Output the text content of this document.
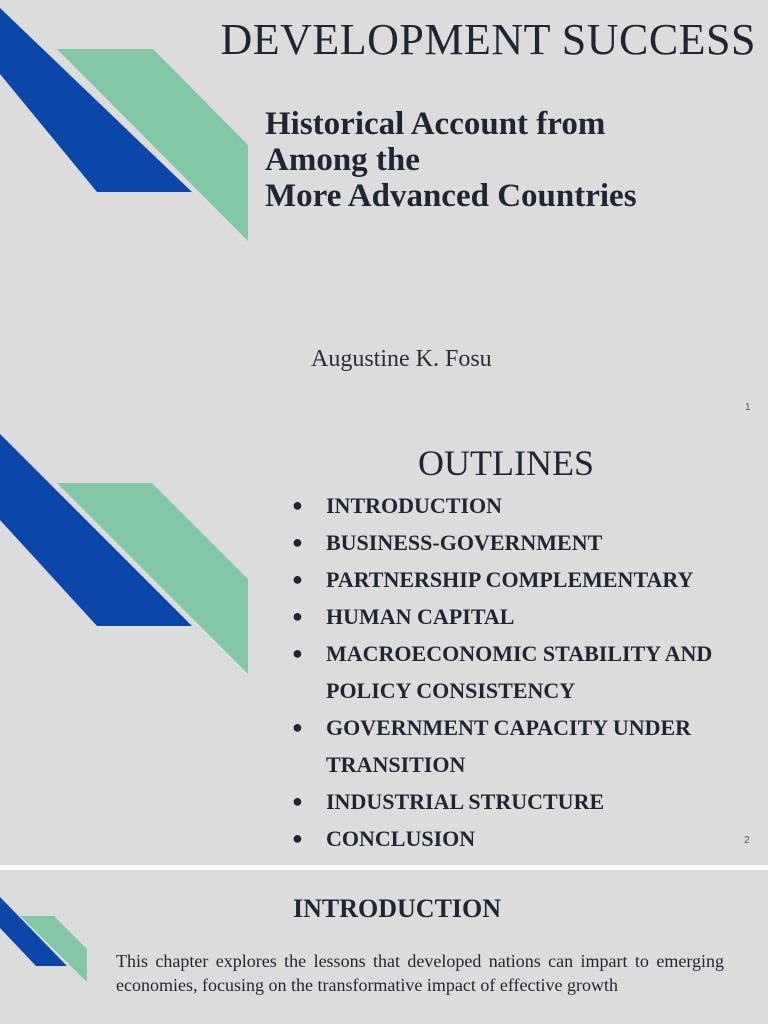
DEVELOPMENT SUCCESS
Historical Account from
Among the
More Advanced Countries
Augustine K. Fosu
1
OUTLINES
● INTRODUCTION
● BUSINESS-GOVERNMENT
● PARTNERSHIP COMPLEMENTARY
● HUMAN CAPITAL
● MACROECONOMIC STABILITY AND POLICY CONSISTENCY
● GOVERNMENT CAPACITY UNDER TRANSITION
● INDUSTRIAL STRUCTURE
● CONCLUSION	2
INTRODUCTION

This chapter explores the lessons that developed nations can impart to emerging economies, focusing on the transformative impact of effective growth
